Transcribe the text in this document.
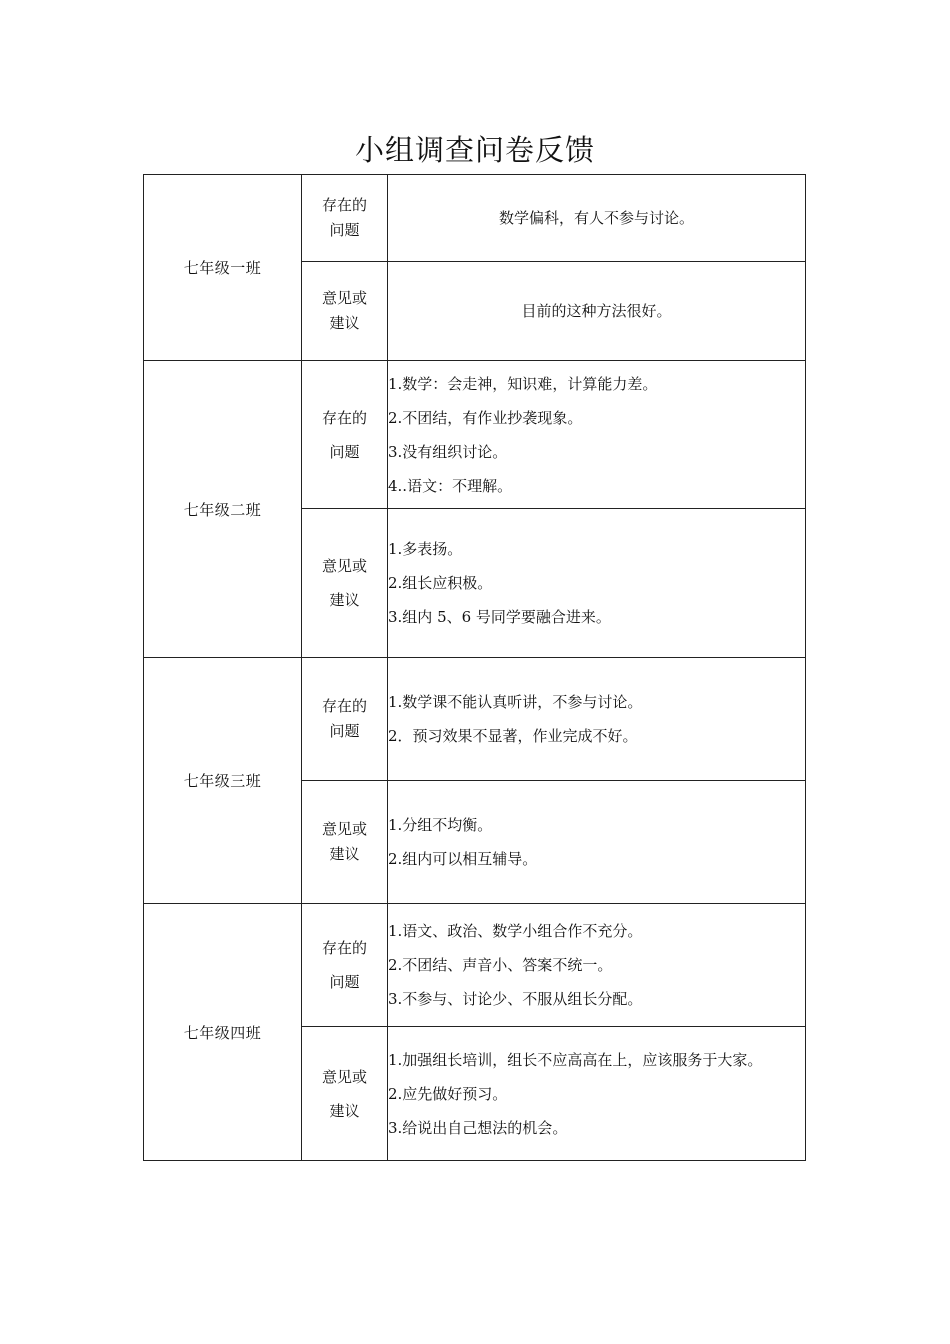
小组调查问卷反馈
七年级一班	存在的
问题	数学偏科，有人不参与讨论。

	意见或
建议	目前的这种方法很好。

七年级二班	存在的
问题	1.数学：会走神，知识难，计算能力差。
2.不团结，有作业抄袭现象。
3.没有组织讨论。
4..语文：不理解。

	意见或
建议	1.多表扬。
2.组长应积极。
3.组内 5、6 号同学要融合进来。

七年级三班	存在的
问题	1.数学课不能认真听讲，不参与讨论。
2．预习效果不显著，作业完成不好。

	意见或
建议	1.分组不均衡。
2.组内可以相互辅导。

七年级四班	存在的
问题	1.语文、政治、数学小组合作不充分。
2.不团结、声音小、答案不统一。
3.不参与、讨论少、不服从组长分配。

	意见或
建议	1.加强组长培训，组长不应高高在上，应该服务于大家。
2.应先做好预习。
3.给说出自己想法的机会。
